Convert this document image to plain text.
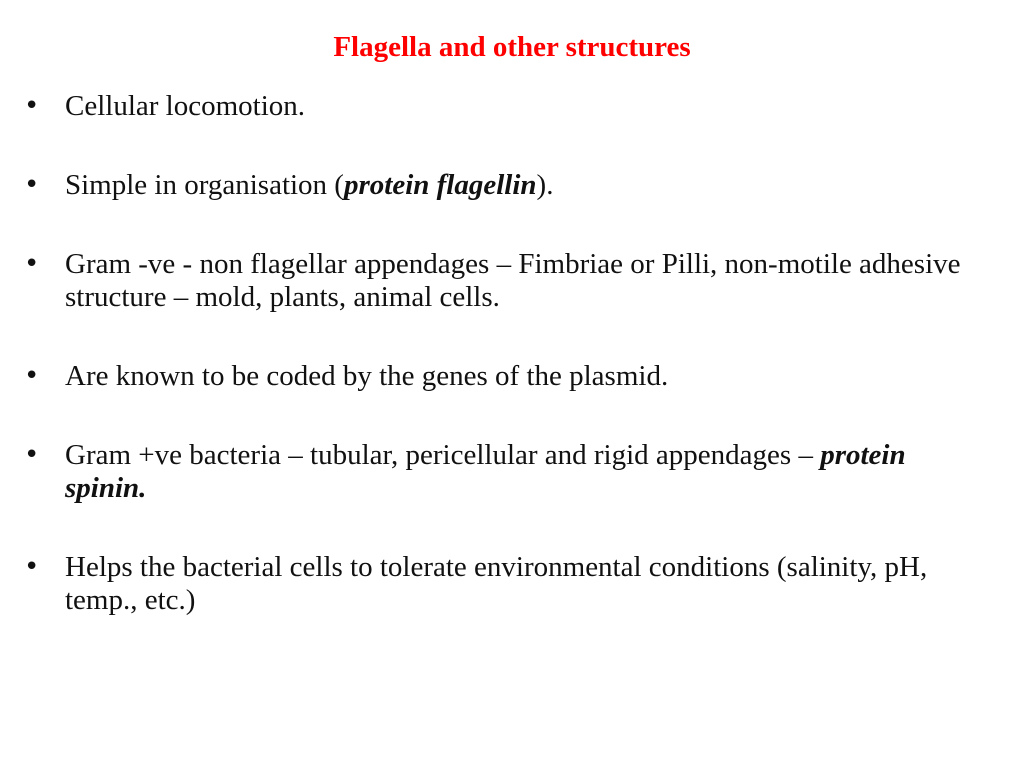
Flagella and other structures
• Cellular locomotion.
• Simple in organisation (protein flagellin).
• Gram -ve - non flagellar appendages – Fimbriae or Pilli, non-motile adhesive structure – mold, plants, animal cells.
• Are known to be coded by the genes of the plasmid.
• Gram +ve bacteria – tubular, pericellular and rigid appendages – protein spinin.
• Helps the bacterial cells to tolerate environmental conditions (salinity, pH, temp., etc.)
